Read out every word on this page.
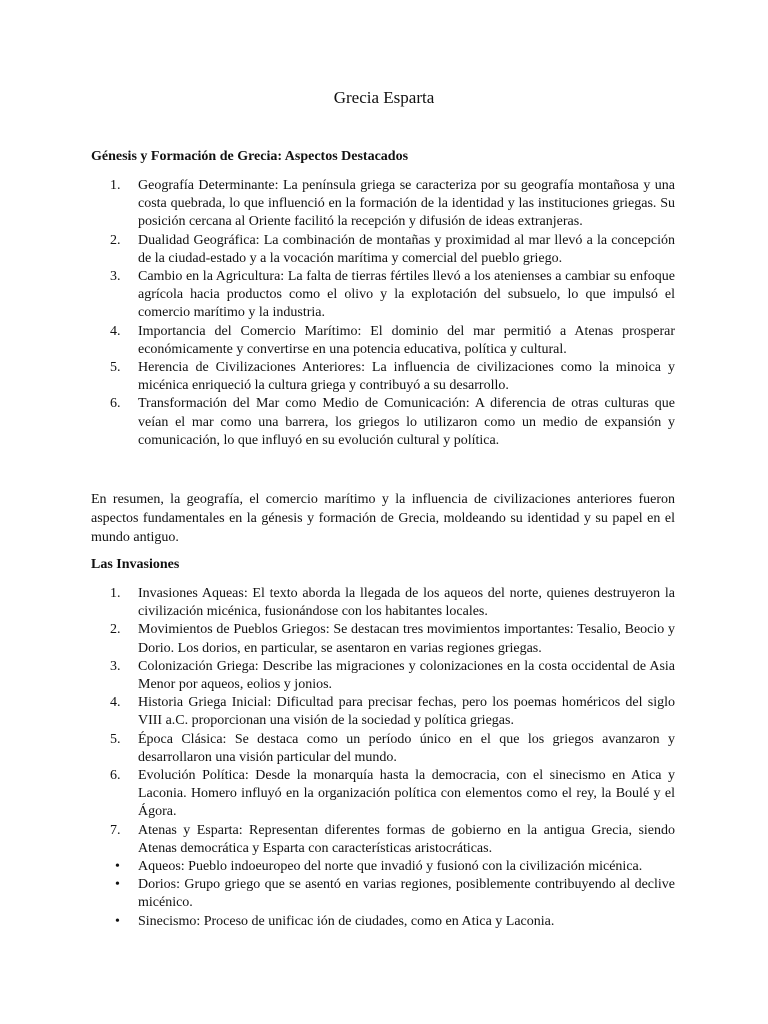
Grecia Esparta

Génesis y Formación de Grecia: Aspectos Destacados

1. Geografía Determinante: La península griega se caracteriza por su geografía montañosa y una costa quebrada, lo que influenció en la formación de la identidad y las instituciones griegas. Su posición cercana al Oriente facilitó la recepción y difusión de ideas extranjeras.
2. Dualidad Geográfica: La combinación de montañas y proximidad al mar llevó a la concepción de la ciudad-estado y a la vocación marítima y comercial del pueblo griego.
3. Cambio en la Agricultura: La falta de tierras fértiles llevó a los atenienses a cambiar su enfoque agrícola hacia productos como el olivo y la explotación del subsuelo, lo que impulsó el comercio marítimo y la industria.
4. Importancia del Comercio Marítimo: El dominio del mar permitió a Atenas prosperar económicamente y convertirse en una potencia educativa, política y cultural.
5. Herencia de Civilizaciones Anteriores: La influencia de civilizaciones como la minoica y micénica enriqueció la cultura griega y contribuyó a su desarrollo.
6. Transformación del Mar como Medio de Comunicación: A diferencia de otras culturas que veían el mar como una barrera, los griegos lo utilizaron como un medio de expansión y comunicación, lo que influyó en su evolución cultural y política.

En resumen, la geografía, el comercio marítimo y la influencia de civilizaciones anteriores fueron aspectos fundamentales en la génesis y formación de Grecia, moldeando su identidad y su papel en el mundo antiguo.

Las Invasiones

1. Invasiones Aqueas: El texto aborda la llegada de los aqueos del norte, quienes destruyeron la civilización micénica, fusionándose con los habitantes locales.
2. Movimientos de Pueblos Griegos: Se destacan tres movimientos importantes: Tesalio, Beocio y Dorio. Los dorios, en particular, se asentaron en varias regiones griegas.
3. Colonización Griega: Describe las migraciones y colonizaciones en la costa occidental de Asia Menor por aqueos, eolios y jonios.
4. Historia Griega Inicial: Dificultad para precisar fechas, pero los poemas homéricos del siglo VIII a.C. proporcionan una visión de la sociedad y política griegas.
5. Época Clásica: Se destaca como un período único en el que los griegos avanzaron y desarrollaron una visión particular del mundo.
6. Evolución Política: Desde la monarquía hasta la democracia, con el sinecismo en Atica y Laconia. Homero influyó en la organización política con elementos como el rey, la Boulé y el Ágora.
7. Atenas y Esparta: Representan diferentes formas de gobierno en la antigua Grecia, siendo Atenas democrática y Esparta con características aristocráticas.
• Aqueos: Pueblo indoeuropeo del norte que invadió y fusionó con la civilización micénica.
• Dorios: Grupo griego que se asentó en varias regiones, posiblemente contribuyendo al declive micénico.
• Sinecismo: Proceso de unificac ión de ciudades, como en Atica y Laconia.
